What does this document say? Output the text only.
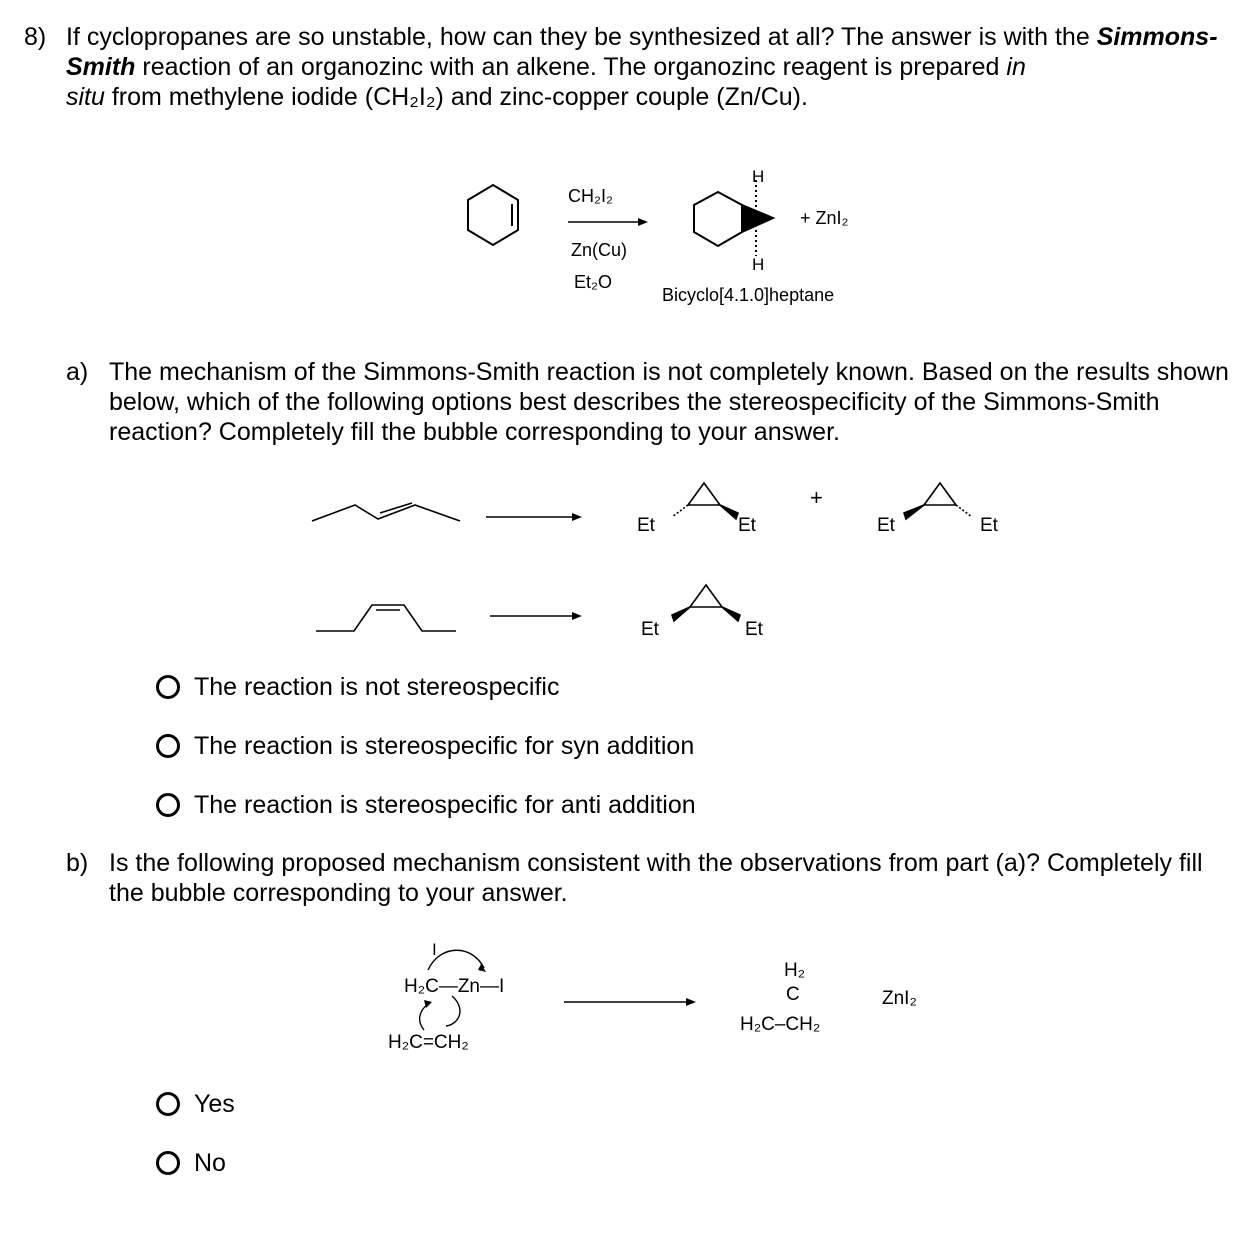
8) If cyclopropanes are so unstable, how can they be synthesized at all? The answer is with the Simmons-Smith reaction of an organozinc with an alkene. The organozinc reagent is prepared in
situ from methylene iodide (CH₂I₂) and zinc-copper couple (Zn/Cu).
CH₂I₂
Zn(Cu)
Et₂O
H
H
+ ZnI₂
Bicyclo[4.1.0]heptane
a) The mechanism of the Simmons-Smith reaction is not completely known. Based on the results shown below, which of the following options best describes the stereospecificity of the Simmons-Smith reaction? Completely fill the bubble corresponding to your answer.
Et	Et
+
Et	Et
Et	Et
The reaction is not stereospecific
The reaction is stereospecific for syn addition
The reaction is stereospecific for anti addition
b) Is the following proposed mechanism consistent with the observations from part (a)? Completely fill the bubble corresponding to your answer.
I
H₂C—Zn—I
H₂C=CH₂
H₂
C
H₂C–CH₂
ZnI₂
Yes
No
